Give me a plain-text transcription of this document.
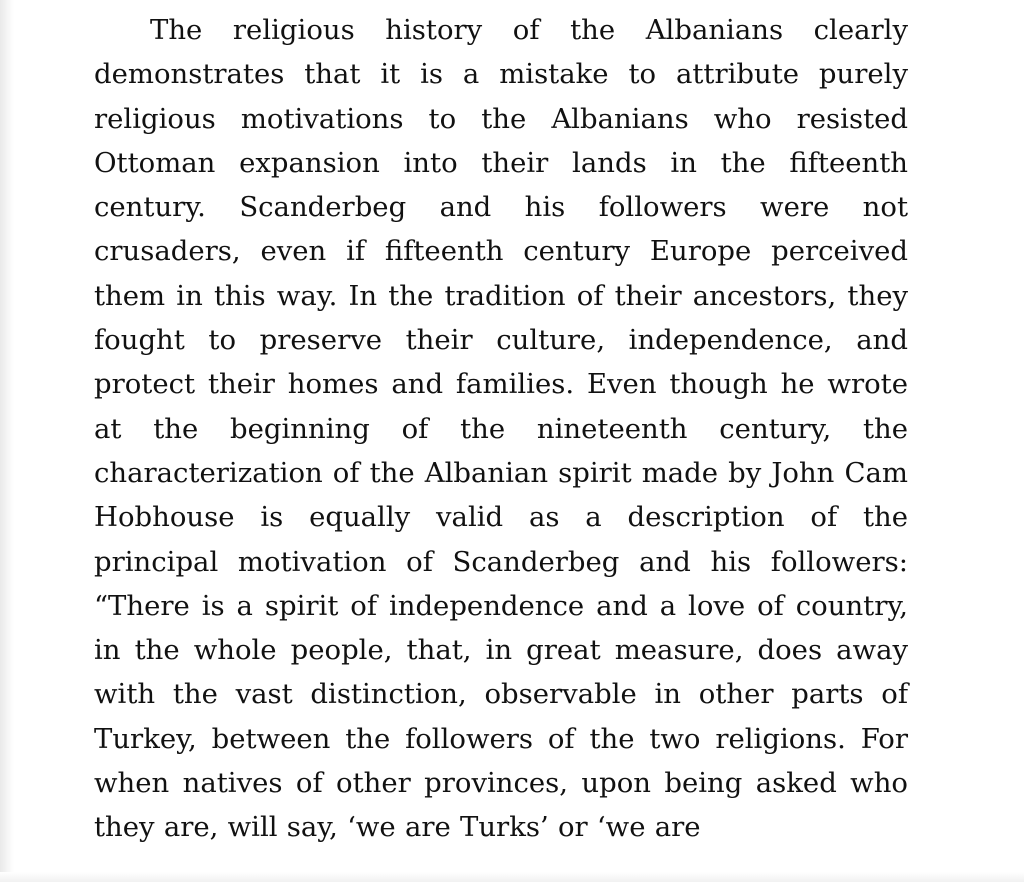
The religious history of the Albanians clearly demonstrates that it is a mistake to attribute purely religious motivations to the Albanians who resisted Ottoman expansion into their lands in the fifteenth century. Scanderbeg and his followers were not crusaders, even if fifteenth century Europe perceived them in this way. In the tradition of their ancestors, they fought to preserve their culture, independence, and protect their homes and families. Even though he wrote at the beginning of the nineteenth century, the characterization of the Albanian spirit made by John Cam Hobhouse is equally valid as a description of the principal motivation of Scanderbeg and his followers: “There is a spirit of independence and a love of country, in the whole people, that, in great measure, does away with the vast distinction, observable in other parts of Turkey, between the followers of the two religions. For when natives of other provinces, upon being asked who they are, will say, ‘we are Turks’ or ‘we are
